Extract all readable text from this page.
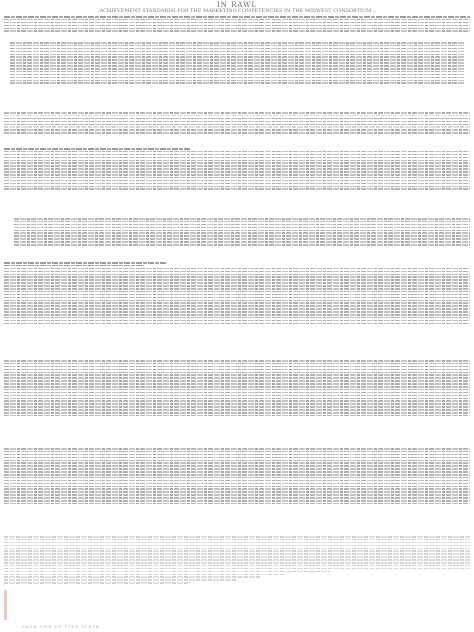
IN RAWL
.ACHIEVEMENT STANDARDS FOR THE MARKETING COMPETENCIES IN THE MIDWEST CONSORTIUM...
PAGE ONE OF FIVE PLATE
